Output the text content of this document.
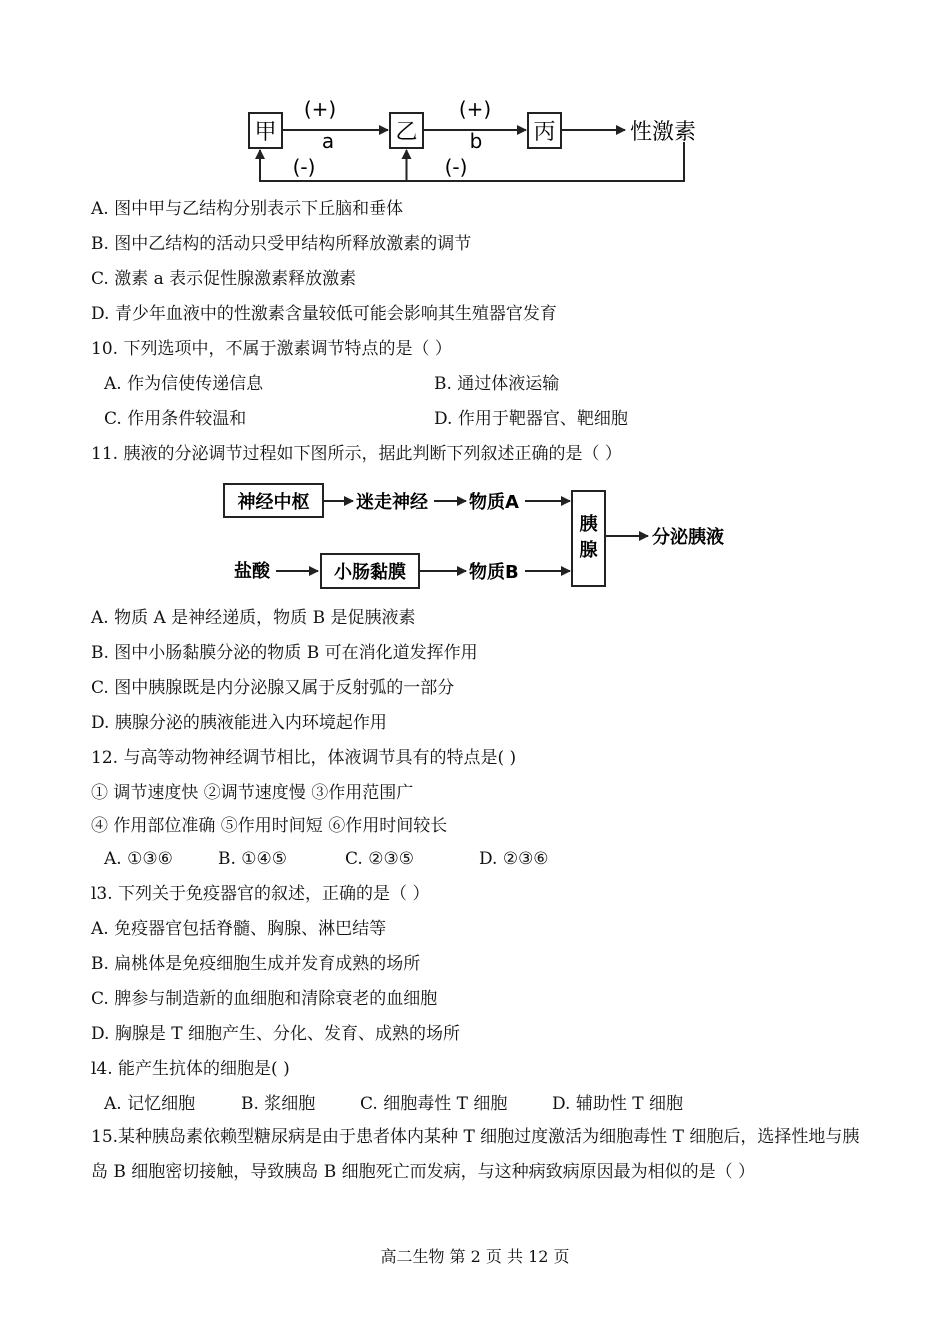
甲	乙	丙	性激素
(+)
a
(+)
b
(-)	(-)
A. 图中甲与乙结构分别表示下丘脑和垂体
B. 图中乙结构的活动只受甲结构所释放激素的调节
C. 激素 a 表示促性腺激素释放激素
D. 青少年血液中的性激素含量较低可能会影响其生殖器官发育
10. 下列选项中，不属于激素调节特点的是（ ）
A. 作为信使传递信息	B. 通过体液运输
C. 作用条件较温和	D. 作用于靶器官、靶细胞
11. 胰液的分泌调节过程如下图所示，据此判断下列叙述正确的是（ ）
神经中枢	迷走神经 物质A
盐酸	小肠黏膜	物质B
胰
腺
分泌胰液
A. 物质 A 是神经递质，物质 B 是促胰液素
B. 图中小肠黏膜分泌的物质 B 可在消化道发挥作用
C. 图中胰腺既是内分泌腺又属于反射弧的一部分
D. 胰腺分泌的胰液能进入内环境起作用
12. 与高等动物神经调节相比，体液调节具有的特点是( )
① 调节速度快 ②调节速度慢 ③作用范围广
④ 作用部位准确 ⑤作用时间短 ⑥作用时间较长
A. ①③⑥	B. ①④⑤	C. ②③⑤	D. ②③⑥
l3. 下列关于免疫器官的叙述，正确的是（ ）
A. 免疫器官包括脊髓、胸腺、淋巴结等
B. 扁桃体是免疫细胞生成并发育成熟的场所
C. 脾参与制造新的血细胞和清除衰老的血细胞
D. 胸腺是 T 细胞产生、分化、发育、成熟的场所
l4. 能产生抗体的细胞是( )
A. 记忆细胞	B. 浆细胞	C. 细胞毒性 T 细胞	D. 辅助性 T 细胞
15.某种胰岛素依赖型糖尿病是由于患者体内某种 T 细胞过度激活为细胞毒性 T 细胞后，选择性地与胰岛 B 细胞密切接触，导致胰岛 B 细胞死亡而发病，与这种病致病原因最为相似的是（ ）
高二生物 第 2 页 共 12 页
